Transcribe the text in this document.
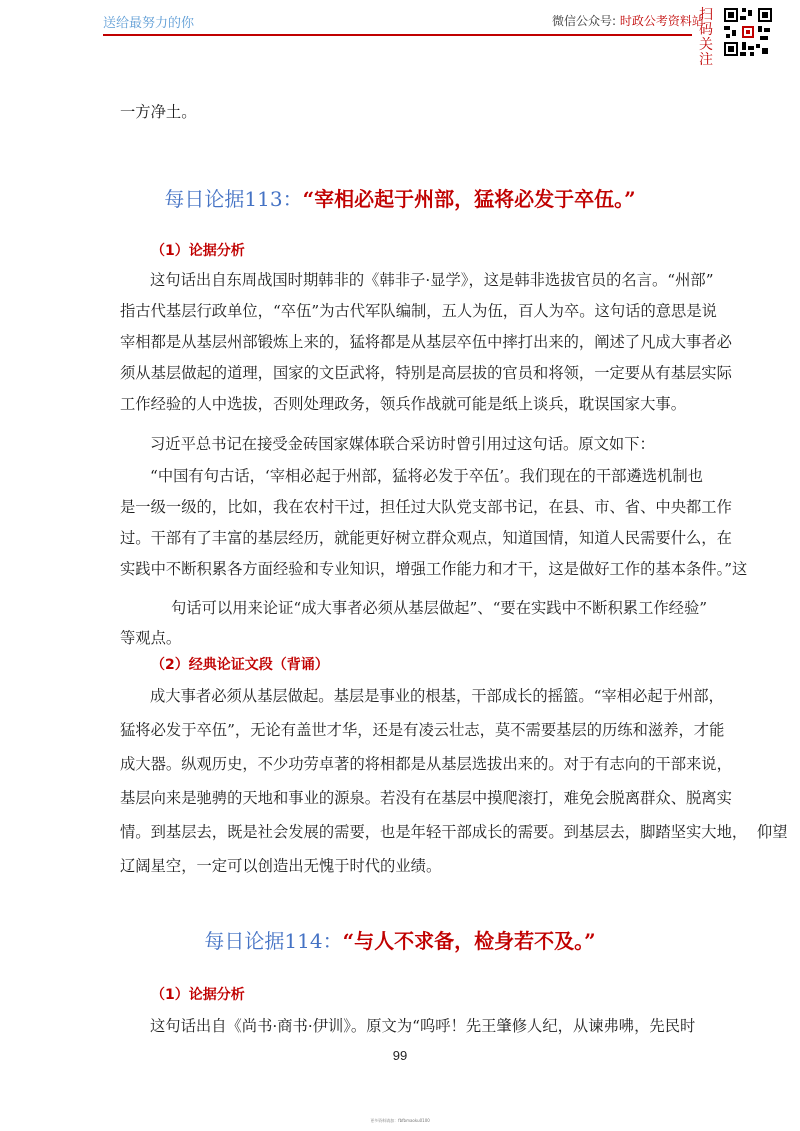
送给最努力的你	微信公众号: 时政公考资料站
扫码关注
一方净土。
每日论据113：“宰相必起于州部，猛将必发于卒伍。”
（1）论据分析
这句话出自东周战国时期韩非的《韩非子·显学》，这是韩非选拔官员的名言。“州部”
指古代基层行政单位，“卒伍”为古代军队编制，五人为伍，百人为卒。这句话的意思是说
宰相都是从基层州部锻炼上来的，猛将都是从基层卒伍中摔打出来的，阐述了凡成大事者必
须从基层做起的道理，国家的文臣武将，特别是高层拔的官员和将领，一定要从有基层实际
工作经验的人中选拔，否则处理政务，领兵作战就可能是纸上谈兵，耽误国家大事。
习近平总书记在接受金砖国家媒体联合采访时曾引用过这句话。原文如下：
“中国有句古话，‘宰相必起于州部，猛将必发于卒伍’。我们现在的干部遴选机制也
是一级一级的，比如，我在农村干过，担任过大队党支部书记，在县、市、省、中央都工作
过。干部有了丰富的基层经历，就能更好树立群众观点，知道国情，知道人民需要什么，在
实践中不断积累各方面经验和专业知识，增强工作能力和才干，这是做好工作的基本条件。”这
句话可以用来论证“成大事者必须从基层做起”、“要在实践中不断积累工作经验”
等观点。
（2）经典论证文段（背诵）
成大事者必须从基层做起。基层是事业的根基，干部成长的摇篮。“宰相必起于州部，
猛将必发于卒伍”，无论有盖世才华，还是有凌云壮志，莫不需要基层的历练和滋养，才能
成大器。纵观历史，不少功劳卓著的将相都是从基层选拔出来的。对于有志向的干部来说，
基层向来是驰骋的天地和事业的源泉。若没有在基层中摸爬滚打，难免会脱离群众、脱离实
情。到基层去，既是社会发展的需要，也是年轻干部成长的需要。到基层去，脚踏坚实大地，  仰望
辽阔星空，一定可以创造出无愧于时代的业绩。
每日论据114：“与人不求备，检身若不及。”
（1）论据分析
这句话出自《尚书·商书·伊训》。原文为“呜呼！先王肇修人纪，从谏弗咈，先民时
99
更多资料请加：fbfbmaoku0100
